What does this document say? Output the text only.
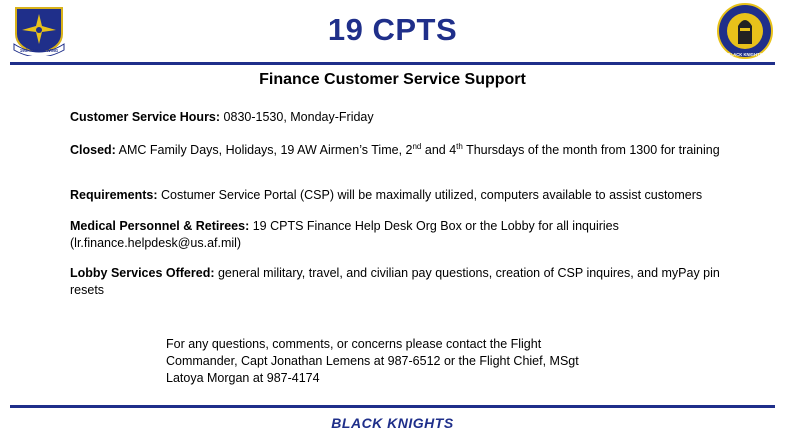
19th AIRLIFT WING
19 CPTS
BLACK KNIGHTS
Finance Customer Service Support
Customer Service Hours: 0830-1530, Monday-Friday
Closed: AMC Family Days, Holidays, 19 AW Airmen’s Time, 2nd and 4th Thursdays of the month from 1300 for training
Requirements: Costumer Service Portal (CSP) will be maximally utilized, computers available to assist customers
Medical Personnel & Retirees: 19 CPTS Finance Help Desk Org Box or the Lobby for all inquiries (lr.finance.helpdesk@us.af.mil)
Lobby Services Offered: general military, travel, and civilian pay questions, creation of CSP inquires, and myPay pin resets
For any questions, comments, or concerns please contact the Flight
Commander, Capt Jonathan Lemens at 987-6512 or the Flight Chief, MSgt
Latoya Morgan at 987-4174
BLACK KNIGHTS
